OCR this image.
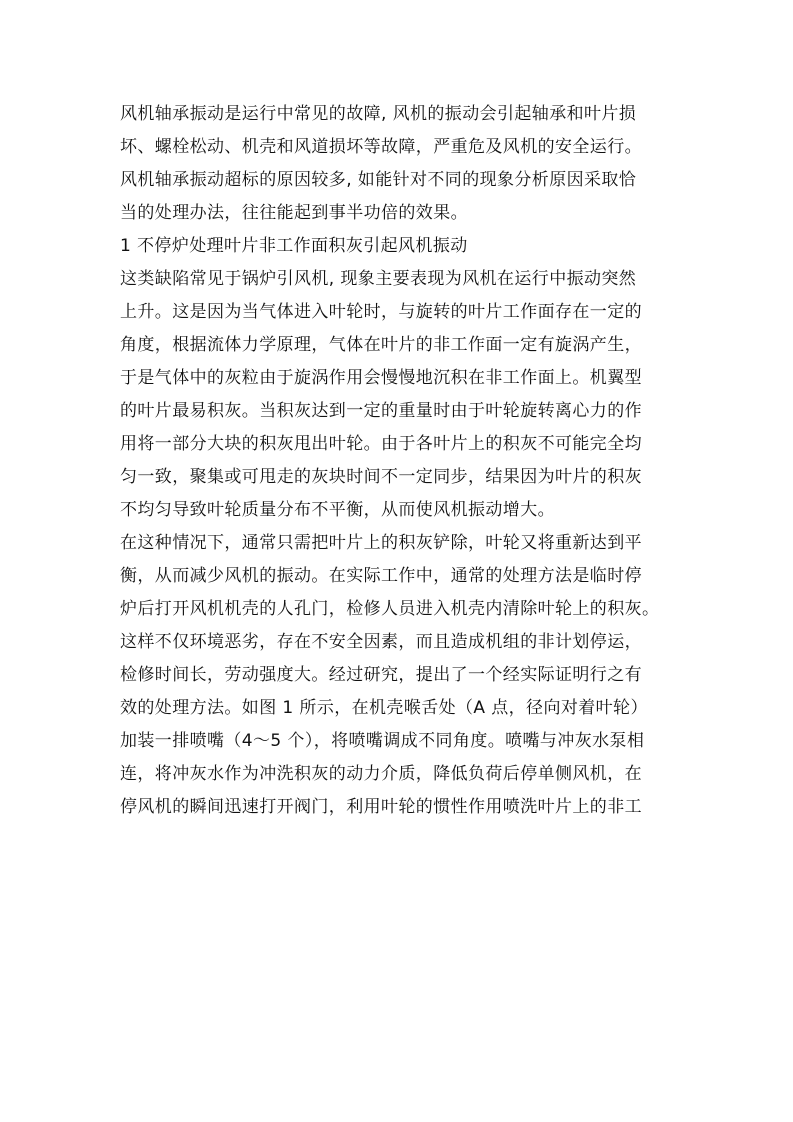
风机轴承振动是运行中常见的故障, 风机的振动会引起轴承和叶片损
坏、螺栓松动、机壳和风道损坏等故障，严重危及风机的安全运行。
风机轴承振动超标的原因较多, 如能针对不同的现象分析原因采取恰
当的处理办法，往往能起到事半功倍的效果。
1 不停炉处理叶片非工作面积灰引起风机振动
这类缺陷常见于锅炉引风机, 现象主要表现为风机在运行中振动突然
上升。这是因为当气体进入叶轮时，与旋转的叶片工作面存在一定的
角度，根据流体力学原理，气体在叶片的非工作面一定有旋涡产生，
于是气体中的灰粒由于旋涡作用会慢慢地沉积在非工作面上。机翼型
的叶片最易积灰。当积灰达到一定的重量时由于叶轮旋转离心力的作
用将一部分大块的积灰甩出叶轮。由于各叶片上的积灰不可能完全均
匀一致，聚集或可甩走的灰块时间不一定同步，结果因为叶片的积灰
不均匀导致叶轮质量分布不平衡，从而使风机振动增大。
在这种情况下，通常只需把叶片上的积灰铲除，叶轮又将重新达到平
衡，从而减少风机的振动。在实际工作中，通常的处理方法是临时停
炉后打开风机机壳的人孔门，检修人员进入机壳内清除叶轮上的积灰。
这样不仅环境恶劣，存在不安全因素，而且造成机组的非计划停运，
检修时间长，劳动强度大。经过研究，提出了一个经实际证明行之有
效的处理方法。如图 1 所示，在机壳喉舌处（A 点，径向对着叶轮）
加装一排喷嘴（4～5 个），将喷嘴调成不同角度。喷嘴与冲灰水泵相
连，将冲灰水作为冲洗积灰的动力介质，降低负荷后停单侧风机，在
停风机的瞬间迅速打开阀门，利用叶轮的惯性作用喷洗叶片上的非工
